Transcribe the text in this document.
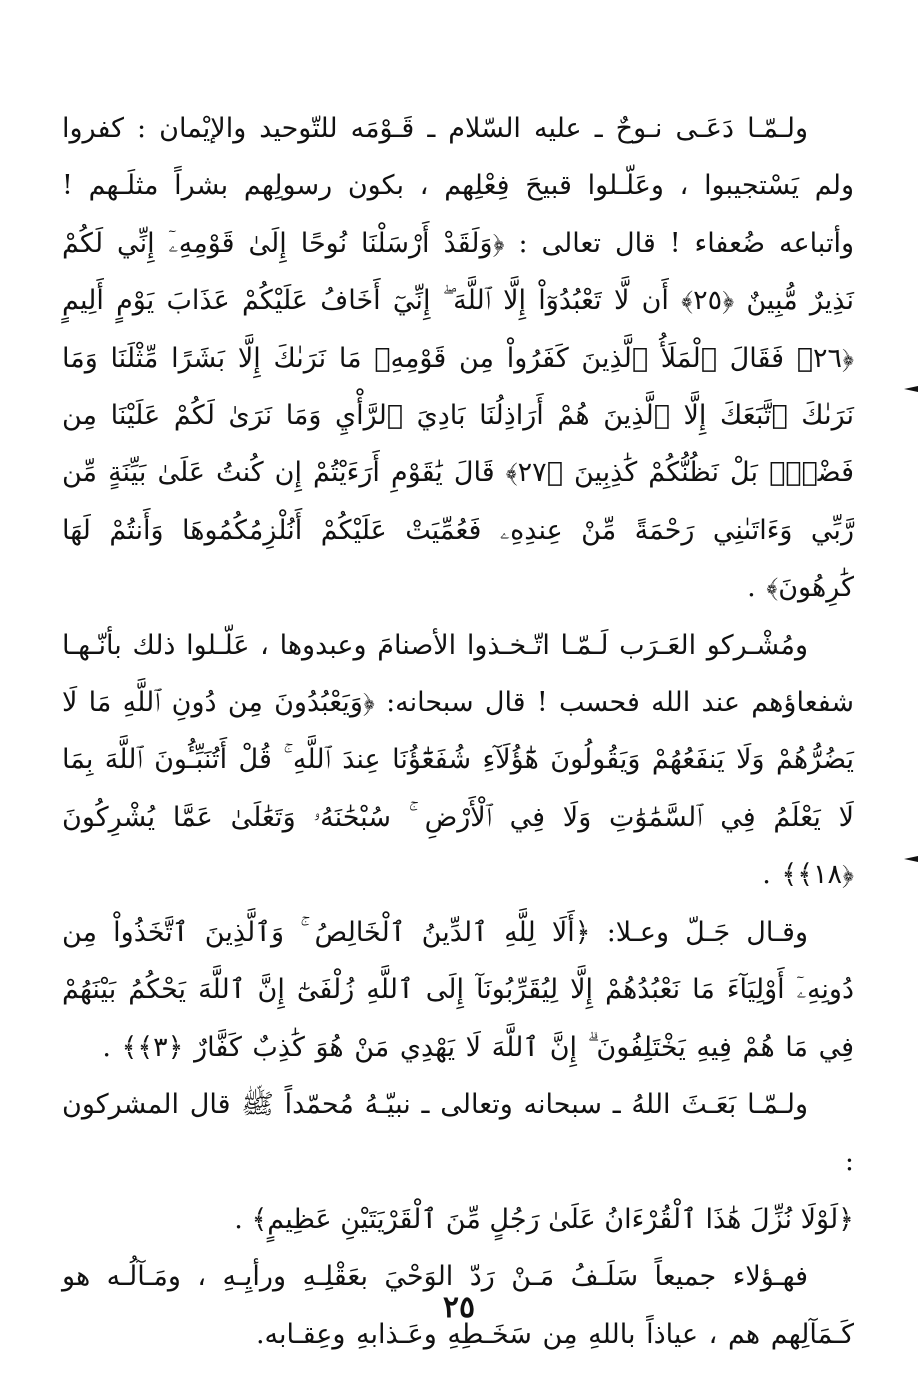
ولـمّـا دَعَـى نـوحٌ ـ عليه السّلام ـ قَـوْمَه للتّوحيد والإيْمان : كفروا ولم يَسْتجيبوا ، وعَلّـلوا قبيحَ فِعْلِهم ، بكون رسولِهم بشراً مثلَـهم ! وأتباعه ضُعفاء ! قال تعالى : ﴿وَلَقَدْ أَرْسَلْنَا نُوحًا إِلَىٰ قَوْمِهِۦٓ إِنِّي لَكُمْ نَذِيرٌ مُّبِينٌ ﴿٢٥﴾ أَن لَّا تَعْبُدُوٓاْ إِلَّا ٱللَّهَ ۖ إِنِّيٓ أَخَافُ عَلَيْكُمْ عَذَابَ يَوْمٍ أَلِيمٍ ﴿٢٦﴾ فَقَالَ ٱلْمَلَأُ ٱلَّذِينَ كَفَرُواْ مِن قَوْمِهِۦ مَا نَرَىٰكَ إِلَّا بَشَرًا مِّثْلَنَا وَمَا نَرَىٰكَ ٱتَّبَعَكَ إِلَّا ٱلَّذِينَ هُمْ أَرَاذِلُنَا بَادِيَ ٱلرَّأْيِ وَمَا نَرَىٰ لَكُمْ عَلَيْنَا مِن فَضْلٍۭ بَلْ نَظُنُّكُمْ كَٰذِبِينَ ﴿٢٧﴾ قَالَ يَٰقَوْمِ أَرَءَيْتُمْ إِن كُنتُ عَلَىٰ بَيِّنَةٍ مِّن رَّبِّي وَءَاتَىٰنِي رَحْمَةً مِّنْ عِندِهِۦ فَعُمِّيَتْ عَلَيْكُمْ أَنُلْزِمُكُمُوهَا وَأَنتُمْ لَهَا كَٰرِهُونَ﴾ .

ومُشْـركو العَـرَب لَـمّـا اتّـخـذوا الأصنامَ وعبدوها ، عَلّـلوا ذلك بأنّـهـا شفعاؤهم عند الله فحسب ! قال سبحانه: ﴿وَيَعْبُدُونَ مِن دُونِ ٱللَّهِ مَا لَا يَضُرُّهُمْ وَلَا يَنفَعُهُمْ وَيَقُولُونَ هَٰٓؤُلَآءِ شُفَعَٰٓؤُنَا عِندَ ٱللَّهِ ۚ قُلْ أَتُنَبِّـُٔونَ ٱللَّهَ بِمَا لَا يَعْلَمُ فِي ٱلسَّمَٰوَٰتِ وَلَا فِي ٱلْأَرْضِ ۚ سُبْحَٰنَهُۥ وَتَعَٰلَىٰ عَمَّا يُشْرِكُونَ ﴿١٨﴾﴾ .

وقـال جَـلّ وعـلا: ﴿أَلَا لِلَّهِ ٱلدِّينُ ٱلْخَالِصُ ۚ وَٱلَّذِينَ ٱتَّخَذُواْ مِن دُونِهِۦٓ أَوْلِيَآءَ مَا نَعْبُدُهُمْ إِلَّا لِيُقَرِّبُونَآ إِلَى ٱللَّهِ زُلْفَىٰٓ إِنَّ ٱللَّهَ يَحْكُمُ بَيْنَهُمْ فِي مَا هُمْ فِيهِ يَخْتَلِفُونَ ۗ إِنَّ ٱللَّهَ لَا يَهْدِي مَنْ هُوَ كَٰذِبٌ كَفَّارٌ ﴿٣﴾﴾ .

ولـمّـا بَعَـثَ اللهُ ـ سبحانه وتعالى ـ نبيّـهُ مُحمّداً ﷺ قال المشركون :

﴿لَوْلَا نُزِّلَ هَٰذَا ٱلْقُرْءَانُ عَلَىٰ رَجُلٍ مِّنَ ٱلْقَرْيَتَيْنِ عَظِيمٍ﴾ .

فهـؤلاء جميعاً سَلَـفُ مَـنْ رَدّ الوَحْيَ بعَقْلِـهِ ورأيِـهِ ، ومَـآلُـه هو كَـمَآلِهم هم ، عياذاً باللهِ مِن سَخَـطِهِ وعَـذابهِ وعِقـابه.

٢٥
